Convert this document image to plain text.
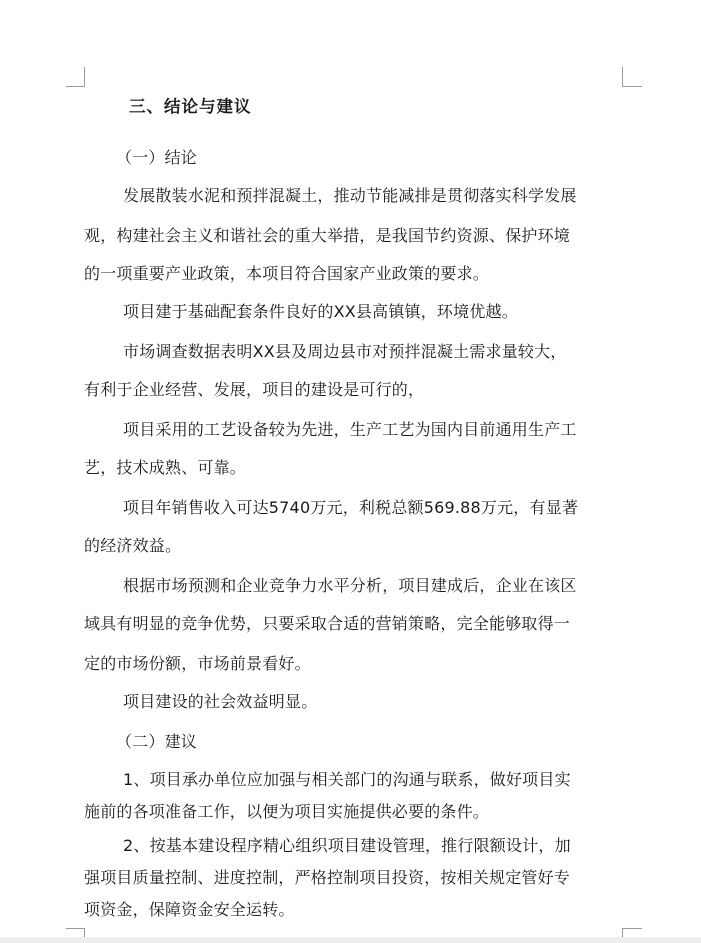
三、结论与建议
（一）结论
发展散装水泥和预拌混凝土，推动节能减排是贯彻落实科学发展
观，构建社会主义和谐社会的重大举措，是我国节约资源、保护环境
的一项重要产业政策，本项目符合国家产业政策的要求。
项目建于基础配套条件良好的XX县高镇镇，环境优越。
市场调查数据表明XX县及周边县市对预拌混凝土需求量较大，
有利于企业经营、发展，项目的建设是可行的，
项目采用的工艺设备较为先进，生产工艺为国内目前通用生产工
艺，技术成熟、可靠。
项目年销售收入可达5740万元，利税总额569.88万元，有显著
的经济效益。
根据市场预测和企业竞争力水平分析，项目建成后，企业在该区
域具有明显的竞争优势，只要采取合适的营销策略，完全能够取得一
定的市场份额，市场前景看好。
项目建设的社会效益明显。
（二）建议
1、项目承办单位应加强与相关部门的沟通与联系，做好项目实
施前的各项准备工作，以便为项目实施提供必要的条件。
2、按基本建设程序精心组织项目建设管理，推行限额设计，加
强项目质量控制、进度控制，严格控制项目投资，按相关规定管好专
项资金，保障资金安全运转。
